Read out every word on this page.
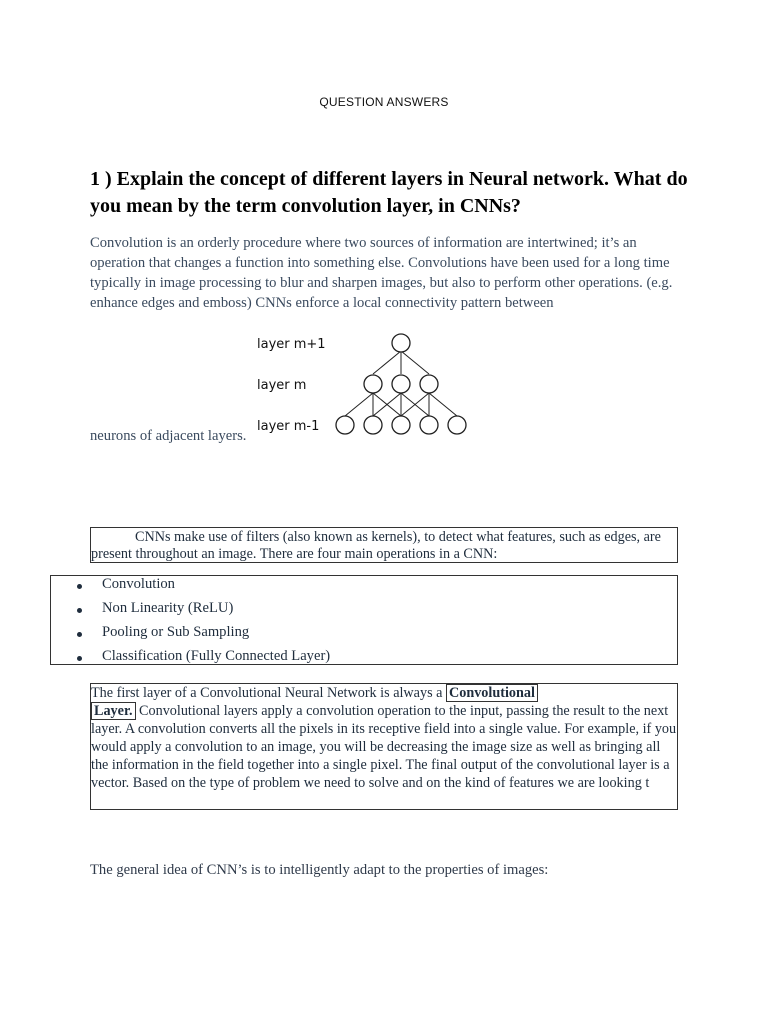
QUESTION ANSWERS
1 ) Explain the concept of different layers in Neural network. What do you mean by the term convolution layer, in CNNs?
Convolution is an orderly procedure where two sources of information are intertwined; it’s an operation that changes a function into something else. Convolutions have been used for a long time typically in image processing to blur and sharpen images, but also to perform other operations. (e.g. enhance edges and emboss) CNNs enforce a local connectivity pattern between
neurons of adjacent layers.
layer m+1
layer m
layer m-1
CNNs make use of filters (also known as kernels), to detect what features, such as edges, are present throughout an image. There are four main operations in a CNN:
Convolution
Non Linearity (ReLU)
Pooling or Sub Sampling
Classification (Fully Connected Layer)
The first layer of a Convolutional Neural Network is always a Convolutional
Layer. Convolutional layers apply a convolution operation to the input, passing the result to the next layer. A convolution converts all the pixels in its receptive field into a single value. For example, if you would apply a convolution to an image, you will be decreasing the image size as well as bringing all the information in the field together into a single pixel. The final output of the convolutional layer is a vector. Based on the type of problem we need to solve and on the kind of features we are looking t
The general idea of CNN’s is to intelligently adapt to the properties of images:
